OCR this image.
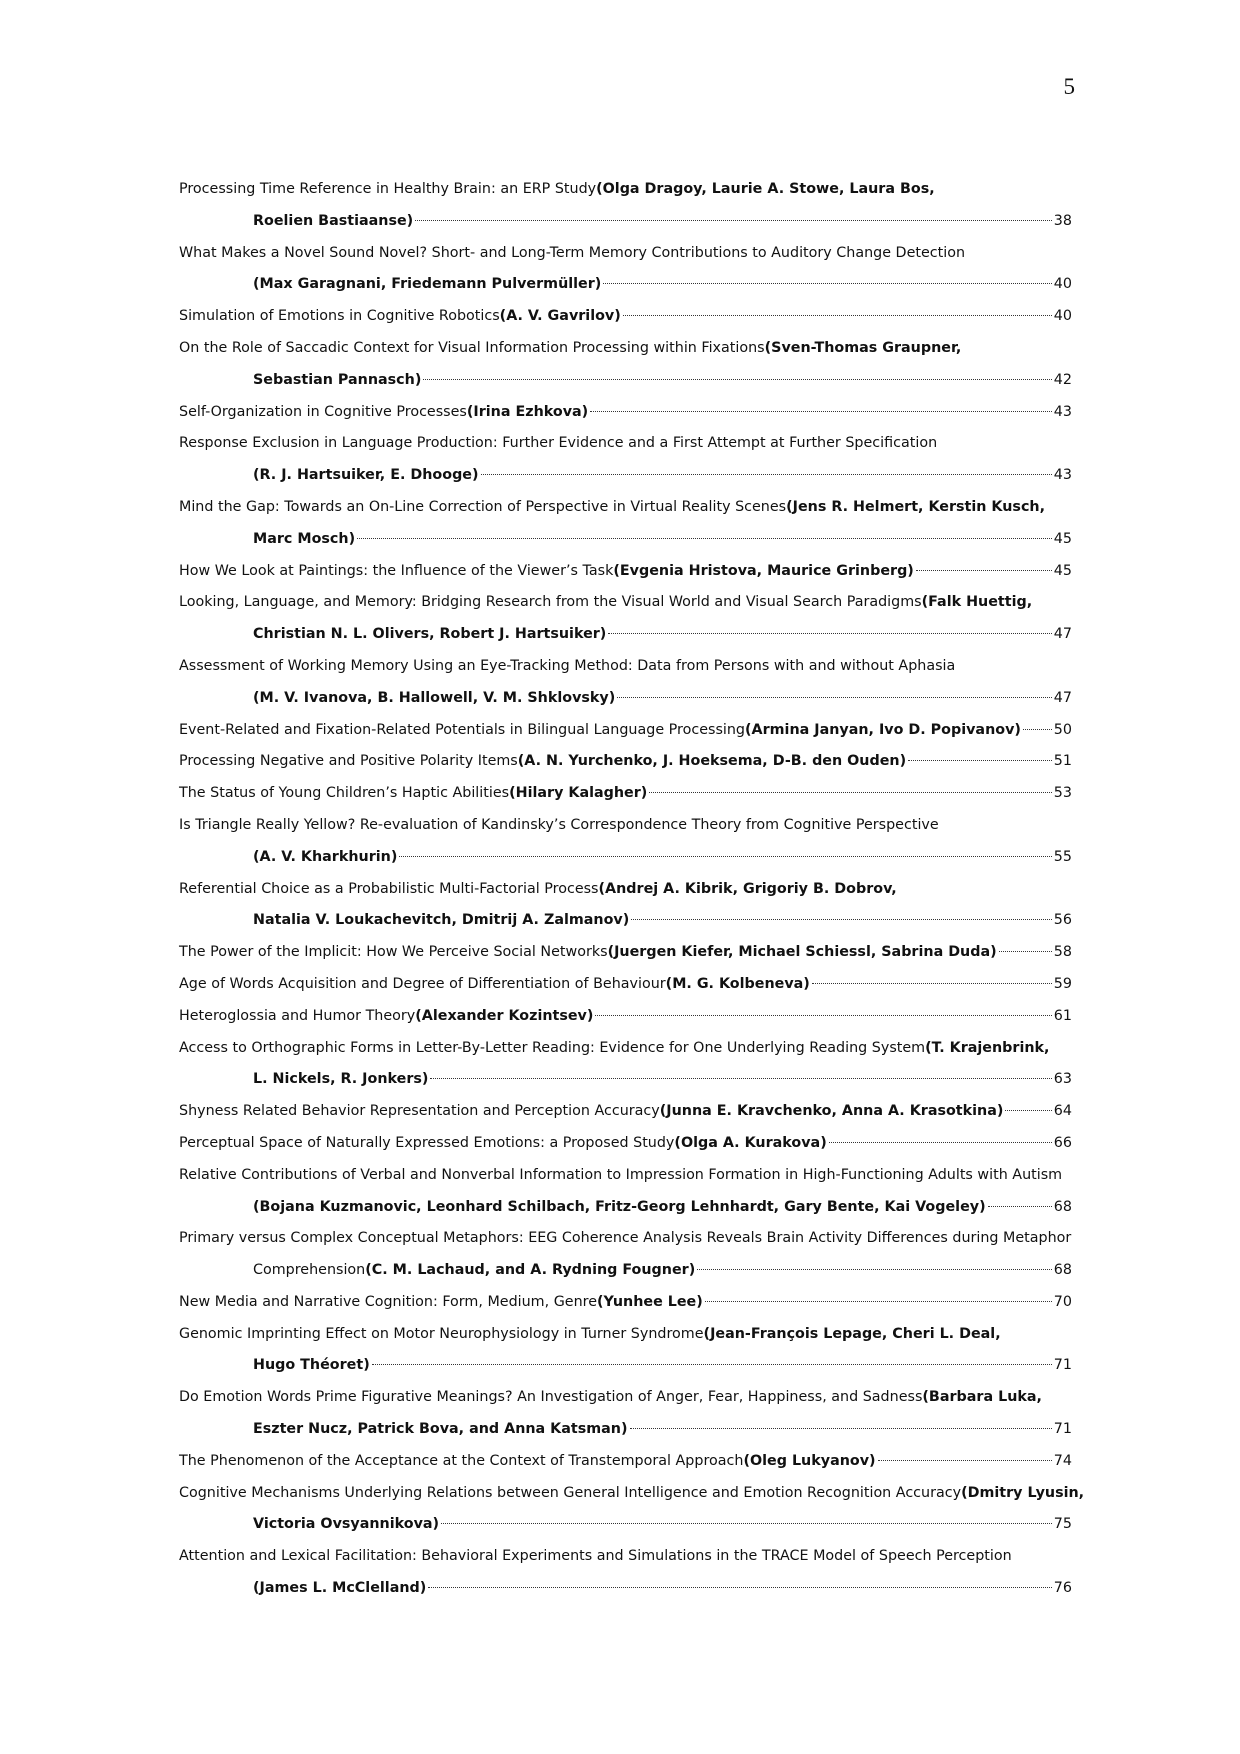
5
Processing Time Reference in Healthy Brain: an ERP Study (Olga Dragoy, Laurie A. Stowe, Laura Bos,
Roelien Bastiaanse)	38
What Makes a Novel Sound Novel? Short- and Long-Term Memory Contributions to Auditory Change Detection
(Max Garagnani, Friedemann Pulvermüller)	40
Simulation of Emotions in Cognitive Robotics (A. V. Gavrilov)	40
On the Role of Saccadic Context for Visual Information Processing within Fixations (Sven-Thomas Graupner,
Sebastian Pannasch)	42
Self-Organization in Cognitive Processes (Irina Ezhkova)	43
Response Exclusion in Language Production: Further Evidence and a First Attempt at Further Specification
(R. J. Hartsuiker, E. Dhooge)	43
Mind the Gap: Towards an On-Line Correction of Perspective in Virtual Reality Scenes (Jens R. Helmert, Kerstin Kusch,
Marc Mosch)	45
How We Look at Paintings: the Influence of the Viewer’s Task (Evgenia Hristova, Maurice Grinberg)	45
Looking, Language, and Memory: Bridging Research from the Visual World and Visual Search Paradigms (Falk Huettig,
Christian N. L. Olivers, Robert J. Hartsuiker)	47
Assessment of Working Memory Using an Eye-Tracking Method: Data from Persons with and without Aphasia
(M. V. Ivanova, B. Hallowell, V. M. Shklovsky)	47
Event-Related and Fixation-Related Potentials in Bilingual Language Processing (Armina Janyan, Ivo D. Popivanov) 50
Processing Negative and Positive Polarity Items (A. N. Yurchenko, J. Hoeksema, D-B. den Ouden)	51
The Status of Young Children’s Haptic Abilities (Hilary Kalagher)	53
Is Triangle Really Yellow? Re-evaluation of Kandinsky’s Correspondence Theory from Cognitive Perspective
(A. V. Kharkhurin)	55
Referential Choice as a Probabilistic Multi-Factorial Process (Andrej A. Kibrik, Grigoriy B. Dobrov,
Natalia V. Loukachevitch, Dmitrij A. Zalmanov)	56
The Power of the Implicit: How We Perceive Social Networks (Juergen Kiefer, Michael Schiessl, Sabrina Duda)	58
Age of Words Acquisition and Degree of Differentiation of Behaviour (M. G. Kolbeneva)	59
Heteroglossia and Humor Theory (Alexander Kozintsev)	61
Access to Orthographic Forms in Letter-By-Letter Reading: Evidence for One Underlying Reading System (T. Krajenbrink,
L. Nickels, R. Jonkers)	63
Shyness Related Behavior Representation and Perception Accuracy (Junna E. Kravchenko, Anna A. Krasotkina)	64
Perceptual Space of Naturally Expressed Emotions: a Proposed Study (Olga A. Kurakova)	66
Relative Contributions of Verbal and Nonverbal Information to Impression Formation in High-Functioning Adults with Autism
(Bojana Kuzmanovic, Leonhard Schilbach, Fritz-Georg Lehnhardt, Gary Bente, Kai Vogeley)	68
Primary versus Complex Conceptual Metaphors: EEG Coherence Analysis Reveals Brain Activity Differences during Metaphor
Comprehension (C. M. Lachaud, and A. Rydning Fougner)	68
New Media and Narrative Cognition: Form, Medium, Genre (Yunhee Lee)	70
Genomic Imprinting Effect on Motor Neurophysiology in Turner Syndrome (Jean-François Lepage, Cheri L. Deal,
Hugo Théoret)	71
Do Emotion Words Prime Figurative Meanings? An Investigation of Anger, Fear, Happiness, and Sadness (Barbara Luka,
Eszter Nucz, Patrick Bova, and Anna Katsman)	71
The Phenomenon of the Acceptance at the Context of Transtemporal Approach (Oleg Lukyanov)	74
Cognitive Mechanisms Underlying Relations between General Intelligence and Emotion Recognition Accuracy (Dmitry Lyusin,
Victoria Ovsyannikova)	75
Attention and Lexical Facilitation: Behavioral Experiments and Simulations in the TRACE Model of Speech Perception
(James L. McClelland)	76
